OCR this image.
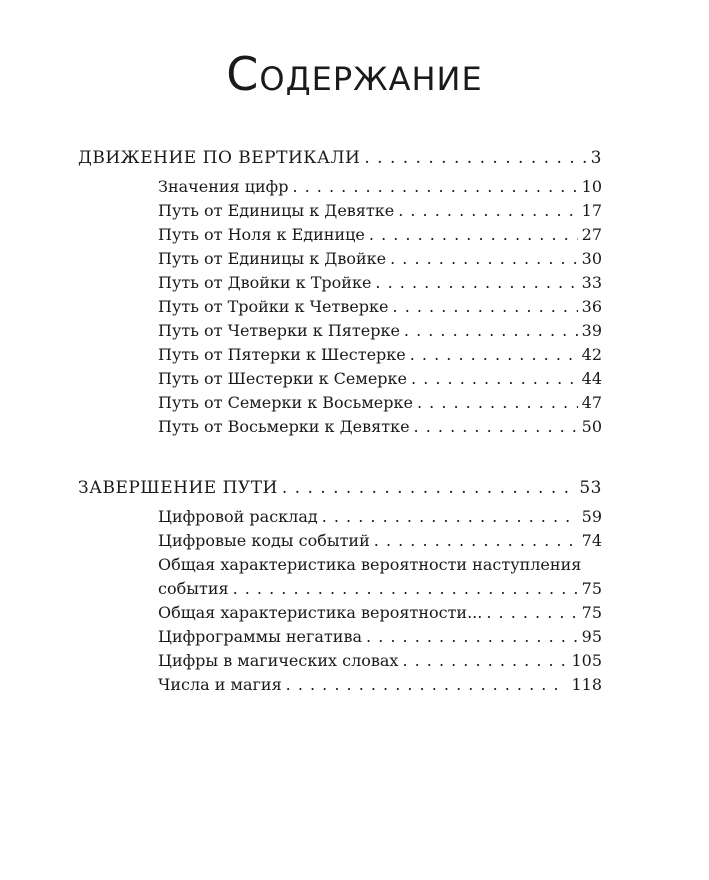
Содержание
ДВИЖЕНИЕ ПО ВЕРТИКАЛИ . . .	3
Значения цифр . . .	10
Путь от Единицы к Девятке . . .	17
Путь от Ноля к Единице . . .	27
Путь от Единицы к Двойке . . .	30
Путь от Двойки к Тройке . . .	33
Путь от Тройки к Четверке . . .	36
Путь от Четверки к Пятерке . . .	39
Путь от Пятерки к Шестерке . . .	42
Путь от Шестерки к Семерке . . .	44
Путь от Семерки к Восьмерке . . .	47
Путь от Восьмерки к Девятке . . .	50
ЗАВЕРШЕНИЕ ПУТИ . . .	53
Цифровой расклад . . .	59
Цифровые коды событий . . .	74
Общая характеристика вероятности наступления
события . . .	75
Общая характеристика вероятности... . . .	75
Цифрограммы негатива . . .	95
Цифры в магических словах . . .	105
Числа и магия . . .	118
